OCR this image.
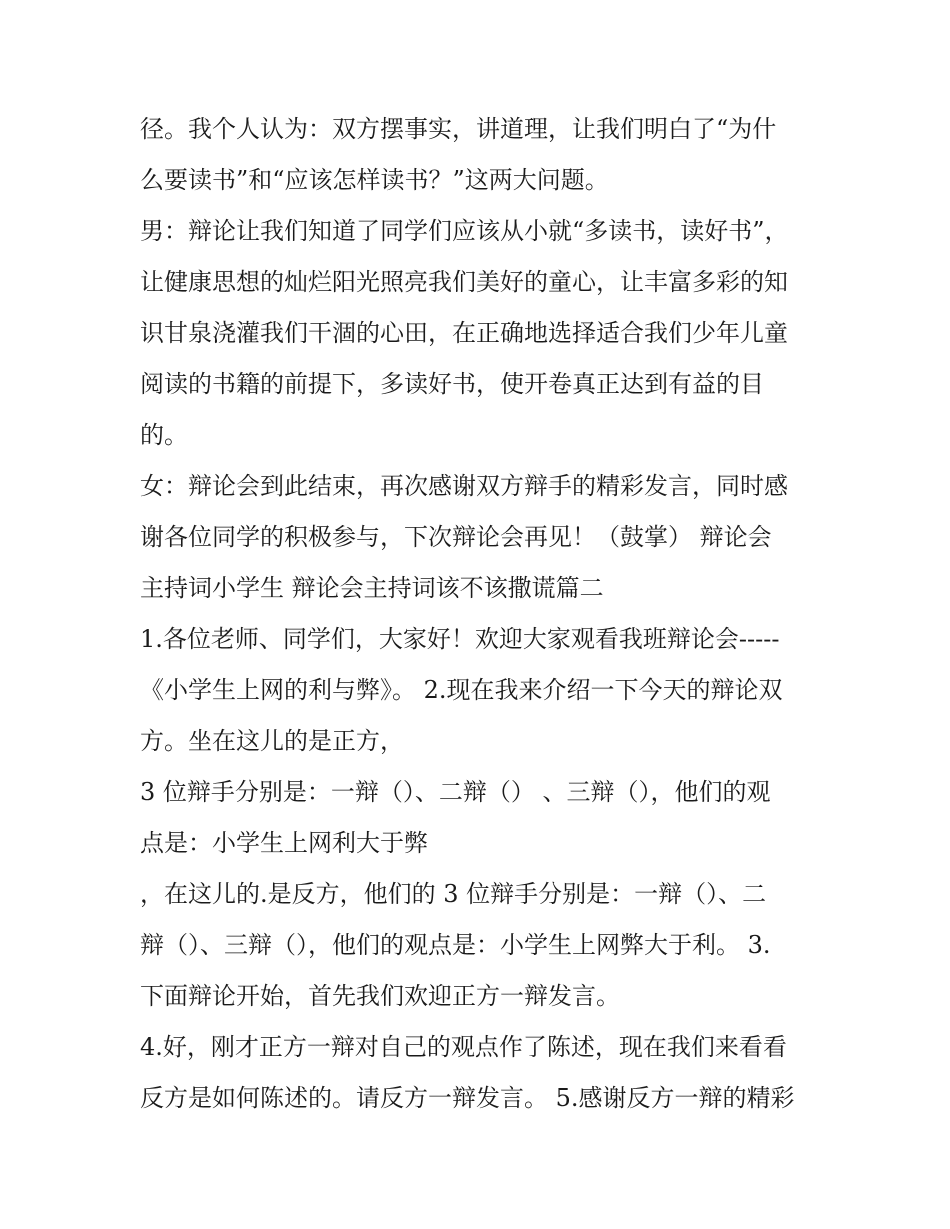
径。我个人认为：双方摆事实，讲道理，让我们明白了“为什
么要读书”和“应该怎样读书？”这两大问题。
男：辩论让我们知道了同学们应该从小就“多读书，读好书”，
让健康思想的灿烂阳光照亮我们美好的童心，让丰富多彩的知
识甘泉浇灌我们干涸的心田，在正确地选择适合我们少年儿童
阅读的书籍的前提下，多读好书，使开卷真正达到有益的目
的。
女：辩论会到此结束，再次感谢双方辩手的精彩发言，同时感
谢各位同学的积极参与，下次辩论会再见！（鼓掌） 辩论会
主持词小学生 辩论会主持词该不该撒谎篇二
1.各位老师、同学们，大家好！欢迎大家观看我班辩论会-----
《小学生上网的利与弊》。 2.现在我来介绍一下今天的辩论双
方。坐在这儿的是正方，
3 位辩手分别是：一辩（）、二辩（） 、三辩（），他们的观
点是：小学生上网利大于弊
，在这儿的.是反方，他们的 3 位辩手分别是：一辩（）、二
辩（）、三辩（），他们的观点是：小学生上网弊大于利。 3.
下面辩论开始，首先我们欢迎正方一辩发言。
4.好，刚才正方一辩对自己的观点作了陈述，现在我们来看看
反方是如何陈述的。请反方一辩发言。 5.感谢反方一辩的精彩
